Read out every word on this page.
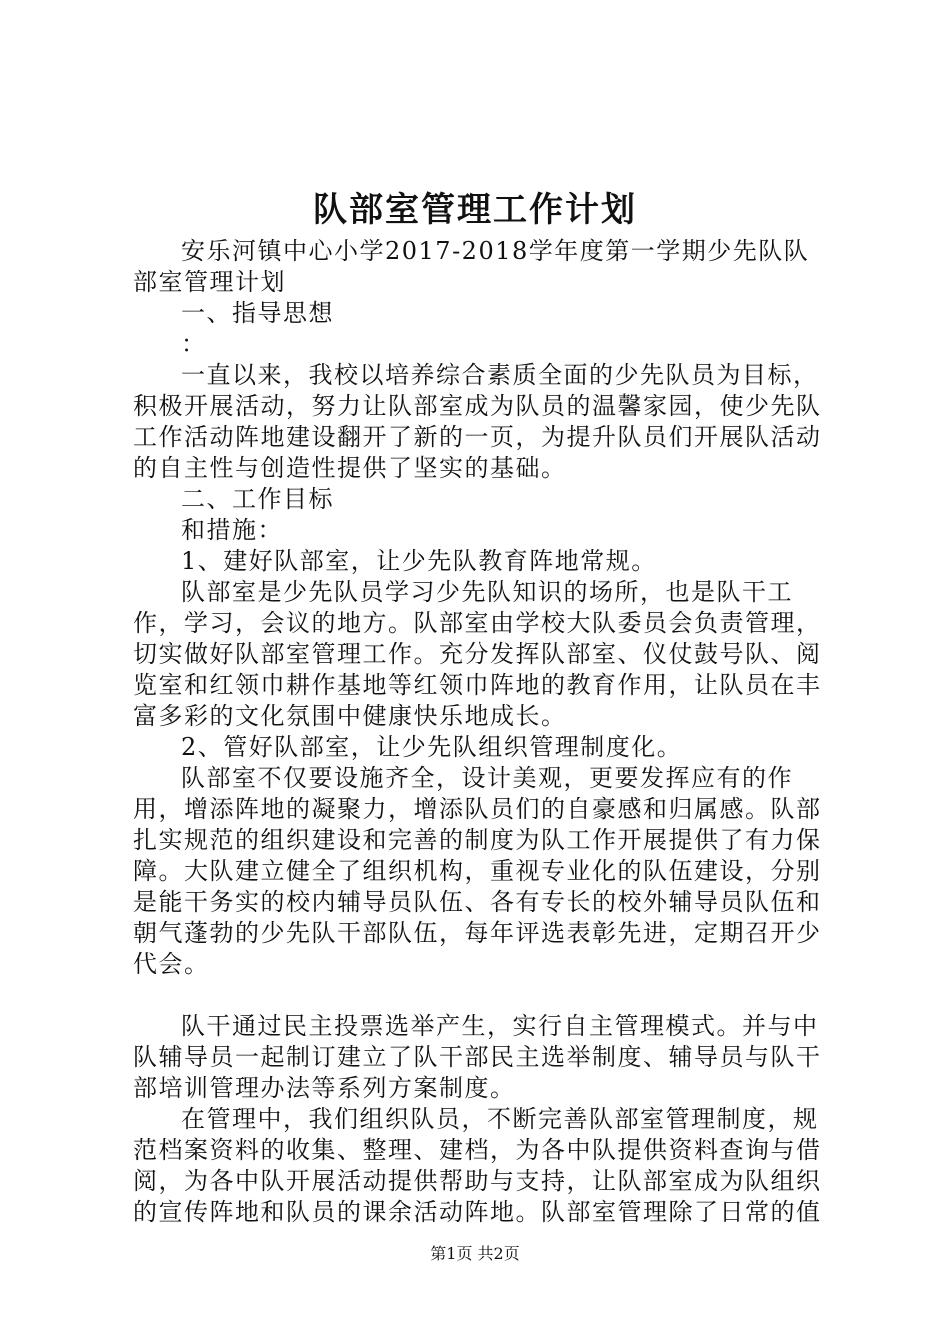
队部室管理工作计划

安乐河镇中心小学2017-2018学年度第一学期少先队队部室管理计划

一、指导思想

：

一直以来，我校以培养综合素质全面的少先队员为目标，积极开展活动，努力让队部室成为队员的温馨家园，使少先队工作活动阵地建设翻开了新的一页，为提升队员们开展队活动的自主性与创造性提供了坚实的基础。

二、工作目标

和措施：

1、建好队部室，让少先队教育阵地常规。

队部室是少先队员学习少先队知识的场所，也是队干工作，学习，会议的地方。队部室由学校大队委员会负责管理，切实做好队部室管理工作。充分发挥队部室、仪仗鼓号队、阅览室和红领巾耕作基地等红领巾阵地的教育作用，让队员在丰富多彩的文化氛围中健康快乐地成长。

2、管好队部室，让少先队组织管理制度化。

队部室不仅要设施齐全，设计美观，更要发挥应有的作用，增添阵地的凝聚力，增添队员们的自豪感和归属感。队部扎实规范的组织建设和完善的制度为队工作开展提供了有力保障。大队建立健全了组织机构，重视专业化的队伍建设，分别是能干务实的校内辅导员队伍、各有专长的校外辅导员队伍和朝气蓬勃的少先队干部队伍，每年评选表彰先进，定期召开少代会。

队干通过民主投票选举产生，实行自主管理模式。并与中队辅导员一起制订建立了队干部民主选举制度、辅导员与队干部培训管理办法等系列方案制度。

在管理中，我们组织队员，不断完善队部室管理制度，规范档案资料的收集、整理、建档，为各中队提供资料查询与借阅，为各中队开展活动提供帮助与支持，让队部室成为队组织的宣传阵地和队员的课余活动阵地。队部室管理除了日常的值

第1页 共2页
